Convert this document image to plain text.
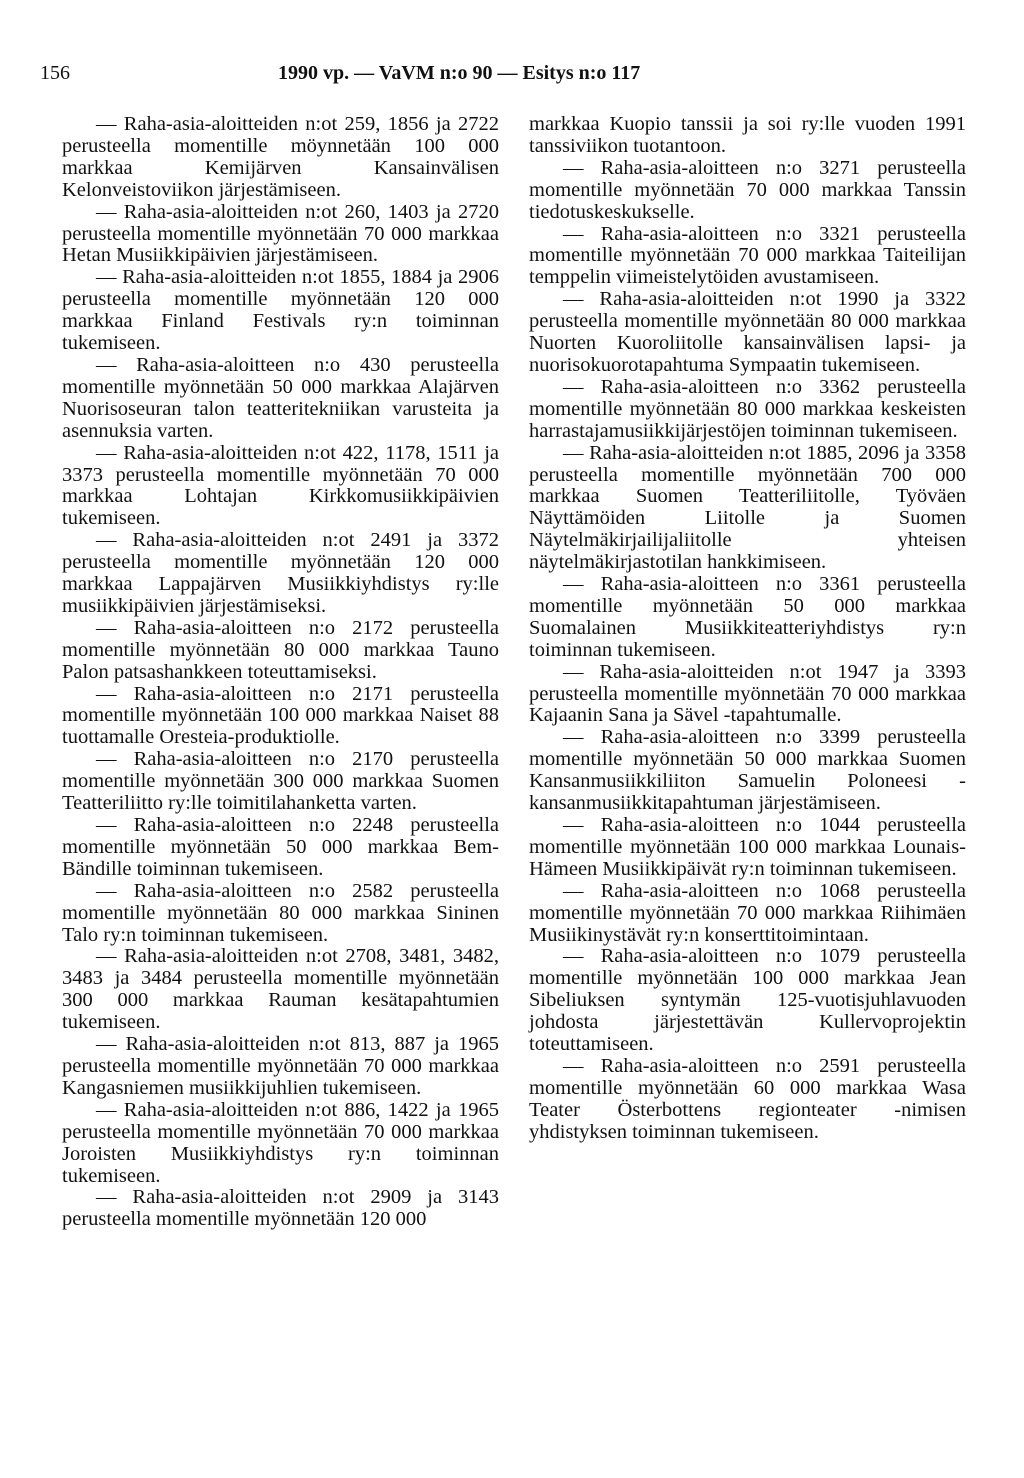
156	1990 vp. — VaVM n:o 90 — Esitys n:o 117

— Raha-asia-aloitteiden n:ot 259, 1856 ja 2722 perusteella momentille möynnetään 100 000 markkaa Kemijärven Kansainvälisen Kelonveistoviikon järjestämiseen.

— Raha-asia-aloitteiden n:ot 260, 1403 ja 2720 perusteella momentille myönnetään 70 000 markkaa Hetan Musiikkipäivien järjestämiseen.

— Raha-asia-aloitteiden n:ot 1855, 1884 ja 2906 perusteella momentille myönnetään 120 000 markkaa Finland Festivals ry:n toiminnan tukemiseen.

— Raha-asia-aloitteen n:o 430 perusteella momentille myönnetään 50 000 markkaa Alajärven Nuorisoseuran talon teatteritekniikan varusteita ja asennuksia varten.

— Raha-asia-aloitteiden n:ot 422, 1178, 1511 ja 3373 perusteella momentille myönnetään 70 000 markkaa Lohtajan Kirkkomusiikkipäivien tukemiseen.

— Raha-asia-aloitteiden n:ot 2491 ja 3372 perusteella momentille myönnetään 120 000 markkaa Lappajärven Musiikkiyhdistys ry:lle musiikkipäivien järjestämiseksi.

— Raha-asia-aloitteen n:o 2172 perusteella momentille myönnetään 80 000 markkaa Tauno Palon patsashankkeen toteuttamiseksi.

— Raha-asia-aloitteen n:o 2171 perusteella momentille myönnetään 100 000 markkaa Naiset 88 tuottamalle Oresteia-produktiolle.

— Raha-asia-aloitteen n:o 2170 perusteella momentille myönnetään 300 000 markkaa Suomen Teatteriliitto ry:lle toimitilahanketta varten.

— Raha-asia-aloitteen n:o 2248 perusteella momentille myönnetään 50 000 markkaa Bem-Bändille toiminnan tukemiseen.

— Raha-asia-aloitteen n:o 2582 perusteella momentille myönnetään 80 000 markkaa Sininen Talo ry:n toiminnan tukemiseen.

— Raha-asia-aloitteiden n:ot 2708, 3481, 3482, 3483 ja 3484 perusteella momentille myönnetään 300 000 markkaa Rauman kesätapahtumien tukemiseen.

— Raha-asia-aloitteiden n:ot 813, 887 ja 1965 perusteella momentille myönnetään 70 000 markkaa Kangasniemen musiikkijuhlien tukemiseen.

— Raha-asia-aloitteiden n:ot 886, 1422 ja 1965 perusteella momentille myönnetään 70 000 markkaa Joroisten Musiikkiyhdistys ry:n toiminnan tukemiseen.

— Raha-asia-aloitteiden n:ot 2909 ja 3143 perusteella momentille myönnetään 120 000

markkaa Kuopio tanssii ja soi ry:lle vuoden 1991 tanssiviikon tuotantoon.

— Raha-asia-aloitteen n:o 3271 perusteella momentille myönnetään 70 000 markkaa Tanssin tiedotuskeskukselle.

— Raha-asia-aloitteen n:o 3321 perusteella momentille myönnetään 70 000 markkaa Taiteilijan temppelin viimeistelytöiden avustamiseen.

— Raha-asia-aloitteiden n:ot 1990 ja 3322 perusteella momentille myönnetään 80 000 markkaa Nuorten Kuoroliitolle kansainvälisen lapsi- ja nuorisokuorotapahtuma Sympaatin tukemiseen.

— Raha-asia-aloitteen n:o 3362 perusteella momentille myönnetään 80 000 markkaa keskeisten harrastajamusiikkijärjestöjen toiminnan tukemiseen.

— Raha-asia-aloitteiden n:ot 1885, 2096 ja 3358 perusteella momentille myönnetään 700 000 markkaa Suomen Teatteriliitolle, Työväen Näyttämöiden Liitolle ja Suomen Näytelmäkirjailijaliitolle yhteisen näytelmäkirjastotilan hankkimiseen.

— Raha-asia-aloitteen n:o 3361 perusteella momentille myönnetään 50 000 markkaa Suomalainen Musiikkiteatteriyhdistys ry:n toiminnan tukemiseen.

— Raha-asia-aloitteiden n:ot 1947 ja 3393 perusteella momentille myönnetään 70 000 markkaa Kajaanin Sana ja Sävel -tapahtumalle.

— Raha-asia-aloitteen n:o 3399 perusteella momentille myönnetään 50 000 markkaa Suomen Kansanmusiikkiliiton Samuelin Poloneesi -kansanmusiikkitapahtuman järjestämiseen.

— Raha-asia-aloitteen n:o 1044 perusteella momentille myönnetään 100 000 markkaa Lounais-Hämeen Musiikkipäivät ry:n toiminnan tukemiseen.

— Raha-asia-aloitteen n:o 1068 perusteella momentille myönnetään 70 000 markkaa Riihimäen Musiikinystävät ry:n konserttitoimintaan.

— Raha-asia-aloitteen n:o 1079 perusteella momentille myönnetään 100 000 markkaa Jean Sibeliuksen syntymän 125-vuotisjuhlavuoden johdosta järjestettävän Kullervoprojektin toteuttamiseen.

— Raha-asia-aloitteen n:o 2591 perusteella momentille myönnetään 60 000 markkaa Wasa Teater Österbottens regionteater -nimisen yhdistyksen toiminnan tukemiseen.
